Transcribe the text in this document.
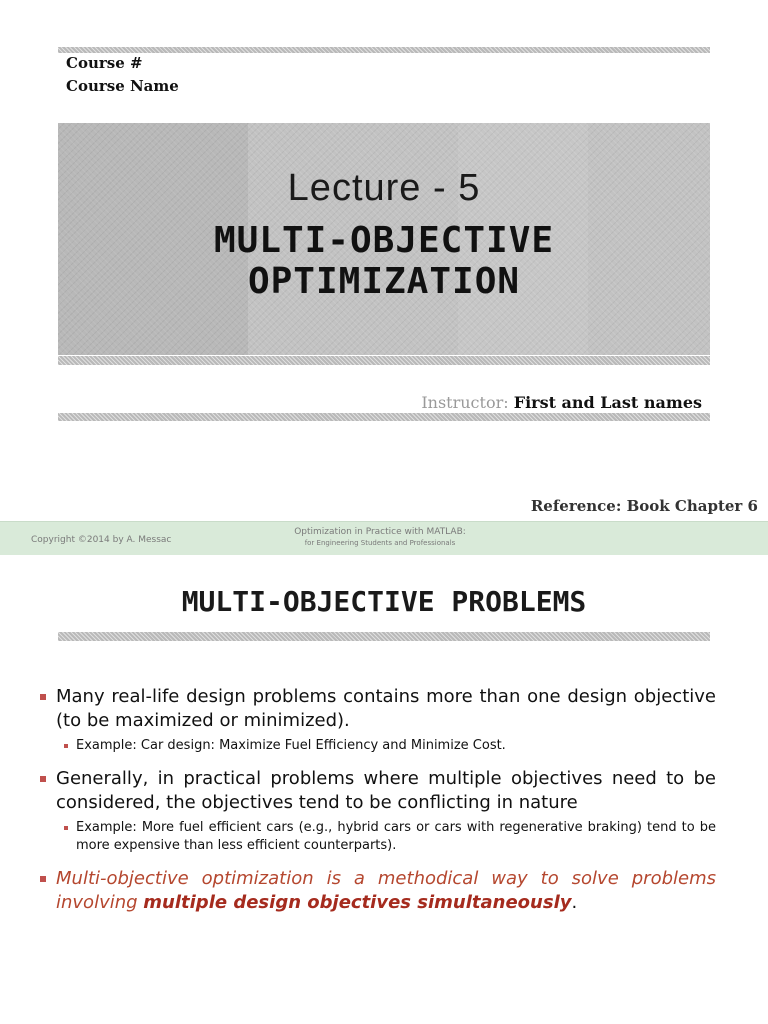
Course #
Course Name
Lecture - 5
MULTI-OBJECTIVE
OPTIMIZATION
Instructor: First and Last names
Reference: Book Chapter 6
Copyright ©2014 by A. Messac
Optimization in Practice with MATLAB:
for Engineering Students and Professionals
MULTI-OBJECTIVE PROBLEMS
Many real-life design problems contains more than one design objective (to be maximized or minimized).
Example: Car design: Maximize Fuel Efficiency and Minimize Cost.
Generally, in practical problems where multiple objectives need to be considered, the objectives tend to be conflicting in nature
Example: More fuel efficient cars (e.g., hybrid cars or cars with regenerative braking) tend to be more expensive than less efficient counterparts).
Multi-objective optimization is a methodical way to solve problems involving multiple design objectives simultaneously.
